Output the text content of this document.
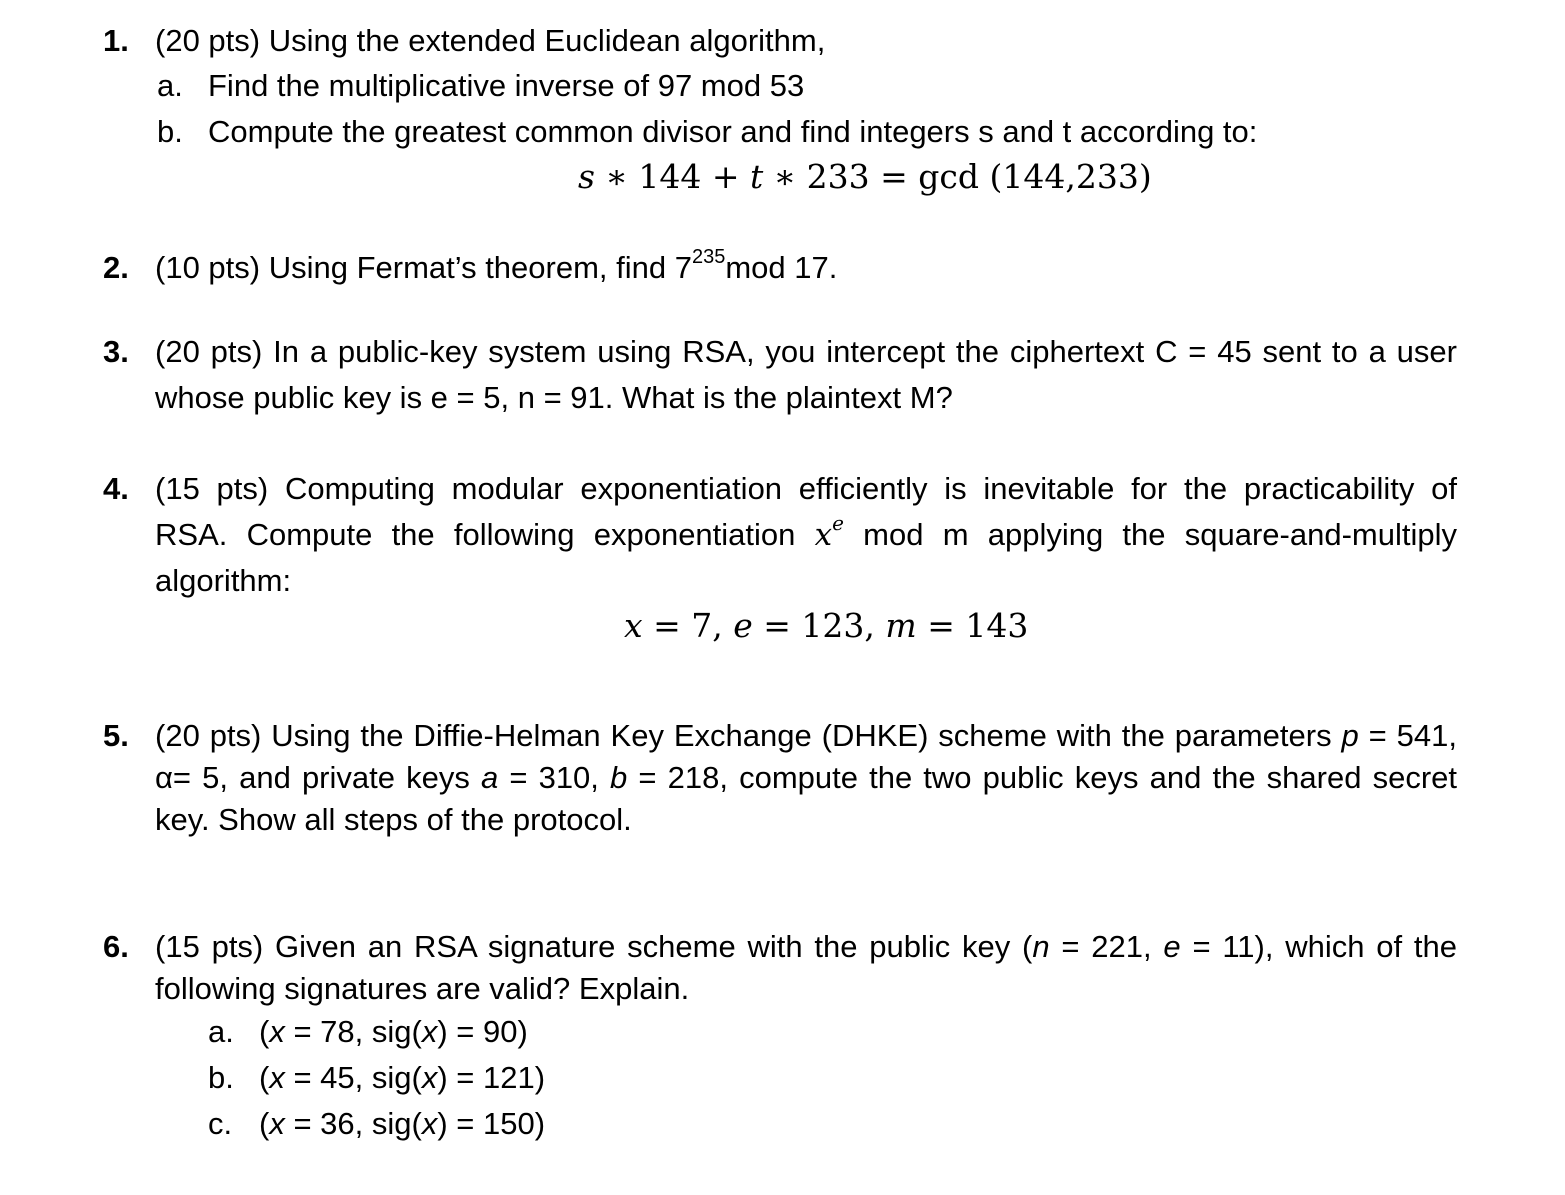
1. (20 pts) Using the extended Euclidean algorithm,
a. Find the multiplicative inverse of 97 mod 53
b. Compute the greatest common divisor and find integers s and t according to:
s ∗ 144 + t ∗ 233 = gcd (144,233)
2. (10 pts) Using Fermat’s theorem, find $7^{235}mod$ 17.
3. (20 pts) In a public-key system using RSA, you intercept the ciphertext C = 45 sent to a user
whose public key is e = 5, n = 91. What is the plaintext M?
4. (15 pts) Computing modular exponentiation efficiently is inevitable for the practicability of
RSA. Compute the following exponentiation $x^e$ mod m applying the square-and-multiply
algorithm:
x = 7, e = 123, m = 143
5. (20 pts) Using the Diffie-Helman Key Exchange (DHKE) scheme with the parameters p = 541,
α= 5, and private keys a = 310, b = 218, compute the two public keys and the shared secret
key. Show all steps of the protocol.
6. (15 pts) Given an RSA signature scheme with the public key (n = 221, e = 11), which of the
following signatures are valid? Explain.
a. (x = 78, sig(x) = 90)
b. (x = 45, sig(x) = 121)
c. (x = 36, sig(x) = 150)
